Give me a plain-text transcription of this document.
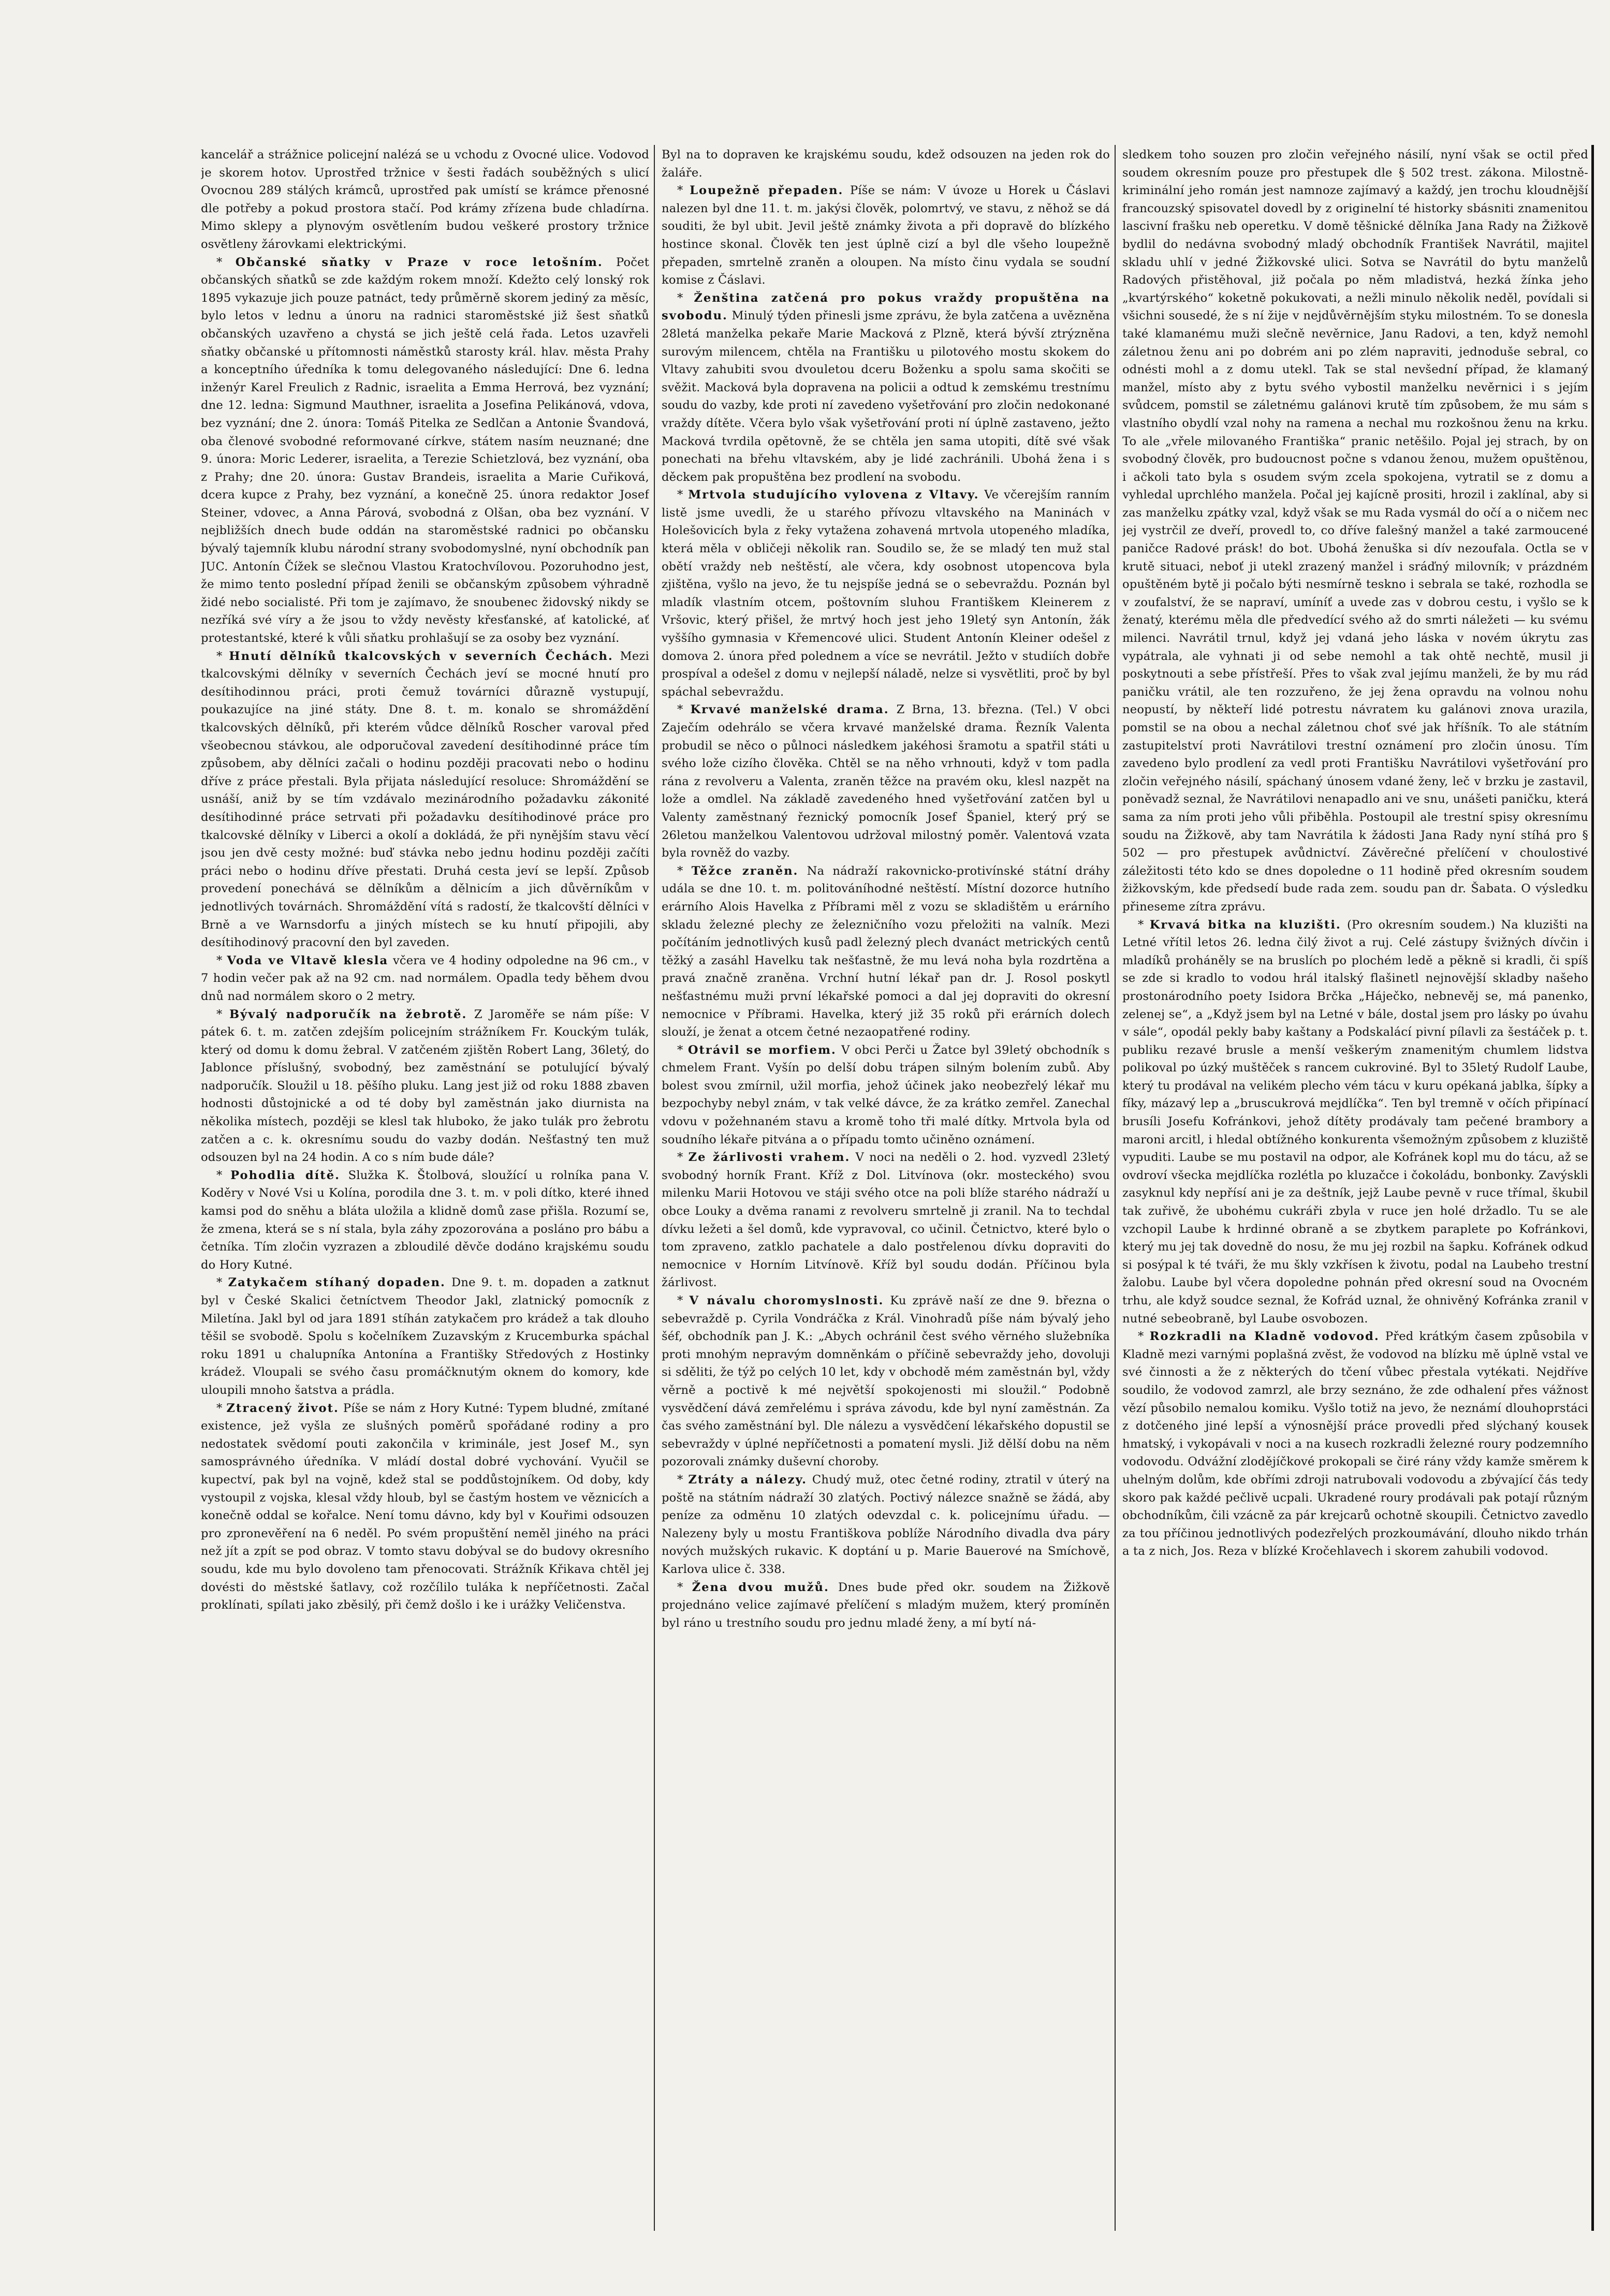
kancelář a strážnice policejní nalézá se u vchodu z Ovocné ulice. Vodovod je skorem hotov. Uprostřed tržnice v šesti řadách souběžných s ulicí Ovocnou 289 stálých krámců, uprostřed pak umístí se krámce přenosné dle potřeby a pokud prostora stačí. Pod krámy zřízena bude chladírna. Mimo sklepy a plynovým osvětlením budou veškeré prostory tržnice osvětleny žárovkami elektrickými.

* Občanské sňatky v Praze v roce letošním. Počet občanských sňatků se zde každým rokem množí. Kdežto celý lonský rok 1895 vykazuje jich pouze patnáct, tedy průměrně skorem jediný za měsíc, bylo letos v lednu a únoru na radnici staroměstské již šest sňatků občanských uzavřeno a chystá se jich ještě celá řada. Letos uzavřeli sňatky občanské u přítomnosti náměstků starosty král. hlav. města Prahy a konceptního úředníka k tomu delegovaného následující: Dne 6. ledna inženýr Karel Freulich z Radnic, israelita a Emma Herrová, bez vyznání; dne 12. ledna: Sigmund Mauthner, israelita a Josefina Pelikánová, vdova, bez vyznání; dne 2. února: Tomáš Pitelka ze Sedlčan a Antonie Švandová, oba členové svobodné reformované církve, státem nasím neuznané; dne 9. února: Moric Lederer, israelita, a Terezie Schietzlová, bez vyznání, oba z Prahy; dne 20. února: Gustav Brandeis, israelita a Marie Cuřiková, dcera kupce z Prahy, bez vyznání, a konečně 25. února redaktor Josef Steiner, vdovec, a Anna Párová, svobodná z Olšan, oba bez vyznání. V nejbližších dnech bude oddán na staroměstské radnici po občansku bývalý tajemník klubu národní strany svobodomyslné, nyní obchodník pan JUC. Antonín Čížek se slečnou Vlastou Kratochvílovou. Pozoruhodno jest, že mimo tento poslední případ ženili se občanským způsobem výhradně židé nebo socialisté. Při tom je zajímavo, že snoubenec židovský nikdy se nezříká své víry a že jsou to vždy nevěsty křesťanské, ať katolické, ať protestantské, které k vůli sňatku prohlašují se za osoby bez vyznání.

* Hnutí dělníků tkalcovských v severních Čechách. Mezi tkalcovskými dělníky v severních Čechách jeví se mocné hnutí pro desítihodinnou práci, proti čemuž továrníci důrazně vystupují, poukazujíce na jiné státy. Dne 8. t. m. konalo se shromáždění tkalcovských dělníků, při kterém vůdce dělníků Roscher varoval před všeobecnou stávkou, ale odporučoval zavedení desítihodinné práce tím způsobem, aby dělníci začali o hodinu později pracovati nebo o hodinu dříve z práce přestali. Byla přijata následující resoluce: Shromáždění se usnáší, aniž by se tím vzdávalo mezinárodního požadavku zákonité desítihodinné práce setrvati při požadavku desítihodinové práce pro tkalcovské dělníky v Liberci a okolí a dokládá, že při nynějším stavu věcí jsou jen dvě cesty možné: buď stávka nebo jednu hodinu později začíti práci nebo o hodinu dříve přestati. Druhá cesta jeví se lepší. Způsob provedení ponechává se dělníkům a dělnicím a jich důvěrníkům v jednotlivých továrnách. Shromáždění vítá s radostí, že tkalcovští dělníci v Brně a ve Warnsdorfu a jiných místech se ku hnutí připojili, aby desítihodinový pracovní den byl zaveden.

* Voda ve Vltavě klesla včera ve 4 hodiny odpoledne na 96 cm., v 7 hodin večer pak až na 92 cm. nad normálem. Opadla tedy během dvou dnů nad normálem skoro o 2 metry.

* Bývalý nadporučík na žebrotě. Z Jaroměře se nám píše: V pátek 6. t. m. zatčen zdejším policejním strážníkem Fr. Kouckým tulák, který od domu k domu žebral. V zatčeném zjištěn Robert Lang, 36letý, do Jablonce příslušný, svobodný, bez zaměstnání se potulující bývalý nadporučík. Sloužil u 18. pěšího pluku. Lang jest již od roku 1888 zbaven hodnosti důstojnické a od té doby byl zaměstnán jako diurnista na několika místech, později se klesl tak hluboko, že jako tulák pro žebrotu zatčen a c. k. okresnímu soudu do vazby dodán. Nešťastný ten muž odsouzen byl na 24 hodin. A co s ním bude dále?

* Pohodlia dítě. Služka K. Štolbová, sloužící u rolníka pana V. Koděry v Nové Vsi u Kolína, porodila dne 3. t. m. v poli dítko, které ihned kamsi pod do sněhu a bláta uložila a klidně domů zase přišla. Rozumí se, že zmena, která se s ní stala, byla záhy zpozorována a posláno pro bábu a četníka. Tím zločin vyzrazen a zbloudilé děvče dodáno krajskému soudu do Hory Kutné.

* Zatykačem stíhaný dopaden. Dne 9. t. m. dopaden a zatknut byl v České Skalici četníctvem Theodor Jakl, zlatnický pomocník z Miletína. Jakl byl od jara 1891 stíhán zatykačem pro krádež a tak dlouho těšil se svobodě. Spolu s kočelníkem Zuzavským z Krucemburka spáchal roku 1891 u chalupníka Antonína a Františky Středových z Hostinky krádež. Vloupali se svého času promáčknutým oknem do komory, kde uloupili mnoho šatstva a prádla.

* Ztracený život. Píše se nám z Hory Kutné: Typem bludné, zmítané existence, jež vyšla ze slušných poměrů spořádané rodiny a pro nedostatek svědomí pouti zakončila v kriminále, jest Josef M., syn samosprávného úředníka. V mládí dostal dobré vychování. Vyučil se kupectví, pak byl na vojně, kdež stal se poddůstojníkem. Od doby, kdy vystoupil z vojska, klesal vždy hloub, byl se častým hostem ve věznicích a konečně oddal se kořalce. Není tomu dávno, kdy byl v Kouřimi odsouzen pro zpronevěření na 6 neděl. Po svém propuštění neměl jiného na práci než jít a zpít se pod obraz. V tomto stavu dobýval se do budovy okresního soudu, kde mu bylo dovoleno tam přenocovati. Strážník Křikava chtěl jej dovésti do městské šatlavy, což rozčílilo tuláka k nepříčetnosti. Začal proklínati, spílati jako zběsilý, při čemž došlo i ke i urážky Veličenstva.

Byl na to dopraven ke krajskému soudu, kdež odsouzen na jeden rok do žaláře.

* Loupežně přepaden. Píše se nám: V úvoze u Horek u Čáslavi nalezen byl dne 11. t. m. jakýsi člověk, polomrtvý, ve stavu, z něhož se dá souditi, že byl ubit. Jevil ještě známky života a při dopravě do blízkého hostince skonal. Člověk ten jest úplně cizí a byl dle všeho loupežně přepaden, smrtelně zraněn a oloupen. Na místo činu vydala se soudní komise z Čáslavi.

* Ženština zatčená pro pokus vraždy propuštěna na svobodu. Minulý týden přinesli jsme zprávu, že byla zatčena a uvězněna 28letá manželka pekaře Marie Macková z Plzně, která bývší ztrýzněna surovým milencem, chtěla na Františku u pilotového mostu skokem do Vltavy zahubiti svou dvouletou dceru Boženku a spolu sama skočiti se svěžit. Macková byla dopravena na policii a odtud k zemskému trestnímu soudu do vazby, kde proti ní zavedeno vyšetřování pro zločin nedokonané vraždy dítěte. Včera bylo však vyšetřování proti ní úplně zastaveno, ježto Macková tvrdila opětovně, že se chtěla jen sama utopiti, dítě své však ponechati na břehu vltavském, aby je lidé zachránili. Ubohá žena i s děckem pak propuštěna bez prodlení na svobodu.

* Mrtvola studujícího vylovena z Vltavy. Ve včerejším ranním listě jsme uvedli, že u starého přívozu vltavského na Maninách v Holešovicích byla z řeky vytažena zohavená mrtvola utopeného mladíka, která měla v obličeji několik ran. Soudilo se, že se mladý ten muž stal obětí vraždy neb neštěstí, ale včera, kdy osobnost utopencova byla zjištěna, vyšlo na jevo, že tu nejspíše jedná se o sebevraždu. Poznán byl mladík vlastním otcem, poštovním sluhou Františkem Kleinerem z Vršovic, který přišel, že mrtvý hoch jest jeho 19letý syn Antonín, žák vyššího gymnasia v Křemencové ulici. Student Antonín Kleiner odešel z domova 2. února před polednem a více se nevrátil. Ježto v studiích dobře prospíval a odešel z domu v nejlepší náladě, nelze si vysvětliti, proč by byl spáchal sebevraždu.

* Krvavé manželské drama. Z Brna, 13. března. (Tel.) V obci Zaječím odehrálo se včera krvavé manželské drama. Řezník Valenta probudil se něco o půlnoci následkem jakéhosi šramotu a spatřil státi u svého lože cizího člověka. Chtěl se na něho vrhnouti, když v tom padla rána z revolveru a Valenta, zraněn těžce na pravém oku, klesl nazpět na lože a omdlel. Na základě zavedeného hned vyšetřování zatčen byl u Valenty zaměstnaný řeznický pomocník Josef Španiel, který prý se 26letou manželkou Valentovou udržoval milostný poměr. Valentová vzata byla rovněž do vazby.

* Těžce zraněn. Na nádraží rakovnicko-protivínské státní dráhy udála se dne 10. t. m. politováníhodné neštěstí. Místní dozorce hutního erárního Alois Havelka z Příbrami měl z vozu se skladištěm u erárního skladu železné plechy ze železničního vozu přeložiti na valník. Mezi počítáním jednotlivých kusů padl železný plech dvanáct metrických centů těžký a zasáhl Havelku tak nešťastně, že mu levá noha byla rozdrtěna a pravá značně zraněna. Vrchní hutní lékař pan dr. J. Rosol poskytl nešťastnému muži první lékařské pomoci a dal jej dopraviti do okresní nemocnice v Příbrami. Havelka, který již 35 roků při erárních dolech slouží, je ženat a otcem četné nezaopatřené rodiny.

* Otrávil se morfiem. V obci Perči u Žatce byl 39letý obchodník s chmelem Frant. Vyšín po delší dobu trápen silným bolením zubů. Aby bolest svou zmírnil, užil morfia, jehož účinek jako neobezřelý lékař mu bezpochyby nebyl znám, v tak velké dávce, že za krátko zemřel. Zanechal vdovu v požehnaném stavu a kromě toho tři malé dítky. Mrtvola byla od soudního lékaře pitvána a o případu tomto učiněno oznámení.

* Ze žárlivosti vrahem. V noci na neděli o 2. hod. vyzvedl 23letý svobodný horník Frant. Kříž z Dol. Litvínova (okr. mosteckého) svou milenku Marii Hotovou ve stáji svého otce na poli blíže starého nádraží u obce Louky a dvěma ranami z revolveru smrtelně ji zranil. Na to techdal dívku ležeti a šel domů, kde vypravoval, co učinil. Četnictvo, které bylo o tom zpraveno, zatklo pachatele a dalo postřelenou dívku dopraviti do nemocnice v Horním Litvínově. Kříž byl soudu dodán. Příčinou byla žárlivost.

* V návalu choromyslnosti. Ku zprávě naší ze dne 9. března o sebevraždě p. Cyrila Vondráčka z Král. Vinohradů píše nám bývalý jeho šéf, obchodník pan J. K.: „Abych ochránil čest svého věrného služebníka proti mnohým nepravým domněnkám o příčině sebevraždy jeho, dovoluji si sděliti, že týž po celých 10 let, kdy v obchodě mém zaměstnán byl, vždy věrně a poctivě k mé největší spokojenosti mi sloužil.“ Podobně vysvědčení dává zemřelému i správa závodu, kde byl nyní zaměstnán. Za čas svého zaměstnání byl. Dle nálezu a vysvědčení lékařského dopustil se sebevraždy v úplné nepříčetnosti a pomatení mysli. Již dělší dobu na něm pozorovali známky duševní choroby.

* Ztráty a nálezy. Chudý muž, otec četné rodiny, ztratil v úterý na poště na státním nádraží 30 zlatých. Poctivý nálezce snažně se žádá, aby peníze za odměnu 10 zlatých odevzdal c. k. policejnímu úřadu. — Nalezeny byly u mostu Františkova poblíže Národního divadla dva páry nových mužských rukavic. K doptání u p. Marie Bauerové na Smíchově, Karlova ulice č. 338.

* Žena dvou mužů. Dnes bude před okr. soudem na Žižkově projednáno velice zajímavé přelíčení s mladým mužem, který promíněn byl ráno u trestního soudu pro jednu mladé ženy, a mí bytí ná-

sledkem toho souzen pro zločin veřejného násilí, nyní však se octil před soudem okresním pouze pro přestupek dle § 502 trest. zákona. Milostně-kriminální jeho román jest namnoze zajímavý a každý, jen trochu kloudnější francouzský spisovatel dovedl by z originelní té historky sbásniti znamenitou lascivní frašku neb operetku. V domě těšnické dělníka Jana Rady na Žižkově bydlil do nedávna svobodný mladý obchodník František Navrátil, majitel skladu uhlí v jedné Žižkovské ulici. Sotva se Navrátil do bytu manželů Radových přistěhoval, již počala po něm mladistvá, hezká žínka jeho „kvartýrského“ koketně pokukovati, a nežli minulo několik neděl, povídali si všichni sousedé, že s ní žije v nejdůvěrnějším styku milostném. To se donesla také klamanému muži slečně nevěrnice, Janu Radovi, a ten, když nemohl záletnou ženu ani po dobrém ani po zlém napraviti, jednoduše sebral, co odnésti mohl a z domu utekl. Tak se stal nevšední případ, že klamaný manžel, místo aby z bytu svého vybostil manželku nevěrnici i s jejím svůdcem, pomstil se záletnému galánovi krutě tím způsobem, že mu sám s vlastního obydlí vzal nohy na ramena a nechal mu rozkošnou ženu na krku. To ale „vřele milovaného Františka“ pranic netěšilo. Pojal jej strach, by on svobodný člověk, pro budoucnost počne s vdanou ženou, mužem opuštěnou, i ačkoli tato byla s osudem svým zcela spokojena, vytratil se z domu a vyhledal uprchlého manžela. Počal jej kajícně prositi, hrozil i zaklínal, aby si zas manželku zpátky vzal, když však se mu Rada vysmál do očí a o ničem nec jej vystrčil ze dveří, provedl to, co dříve falešný manžel a také zarmoucené paničce Radové prásk! do bot. Ubohá ženuška si dív nezoufala. Octla se v krutě situaci, neboť ji utekl zrazený manžel i sráďný milovník; v prázdném opuštěném bytě ji počalo býti nesmírně teskno i sebrala se také, rozhodla se v zoufalství, že se napraví, umíníť a uvede zas v dobrou cestu, i vyšlo se k ženatý, kterému měla dle předvedící svého až do smrti náležeti — ku svému milenci. Navrátil trnul, když jej vdaná jeho láska v novém úkrytu zas vypátrala, ale vyhnati ji od sebe nemohl a tak ohtě nechtě, musil ji poskytnouti a sebe přístřeší. Přes to však zval jejímu manželi, že by mu rád paničku vrátil, ale ten rozzuřeno, že jej žena opravdu na volnou nohu neopustí, by někteří lidé potrestu návratem ku galánovi znova urazila, pomstil se na obou a nechal záletnou choť své jak hříšník. To ale státním zastupitelství proti Navrátilovi trestní oznámení pro zločin únosu. Tím zavedeno bylo prodlení za vedl proti Františku Navrátilovi vyšetřování pro zločin veřejného násilí, spáchaný únosem vdané ženy, leč v brzku je zastavil, poněvadž seznal, že Navrátilovi nenapadlo ani ve snu, unášeti paničku, která sama za ním proti jeho vůli přiběhla. Postoupil ale trestní spisy okresnímu soudu na Žižkově, aby tam Navrátila k žádosti Jana Rady nyní stíhá pro § 502 — pro přestupek avůdnictví. Závěrečné přelíčení v choulostivé záležitosti této kdo se dnes dopoledne o 11 hodině před okresním soudem žižkovským, kde předsedí bude rada zem. soudu pan dr. Šabata. O výsledku přineseme zítra zprávu.

* Krvavá bitka na kluzišti. (Pro okresním soudem.) Na kluzišti na Letné vřítil letos 26. ledna čilý život a ruj. Celé zástupy švižných dívčin i mladíků proháněly se na bruslích po plochém ledě a pěkně si kradli, či spíš se zde si kradlo to vodou hrál italský flašinetl nejnovější skladby našeho prostonárodního poety Isidora Brčka „Háječko, nebnevěj se, má panenko, zelenej se“, a „Když jsem byl na Letné v bále, dostal jsem pro lásky po úvahu v sále“, opodál pekly baby kaštany a Podskalácí pivní pílavli za šestáček p. t. publiku rezavé brusle a menší veškerým znamenitým chumlem lidstva polikoval po úzký muštěček s rancem cukroviné. Byl to 35letý Rudolf Laube, který tu prodával na velikém plecho vém tácu v kuru opékaná jablka, šípky a fíky, mázavý lep a „bruscukrová mejdlíčka“. Ten byl tremně v očích připínací brusíli Josefu Kofránkovi, jehož dítěty prodávaly tam pečené brambory a maroni arcitl, i hledal obtížného konkurenta všemožným způsobem z kluziště vypuditi. Laube se mu postavil na odpor, ale Kofránek kopl mu do tácu, až se ovdroví všecka mejdlíčka rozlétla po kluzačce i čokoládu, bonbonky. Zavýskli zasyknul kdy nepřísí ani je za deštník, jejž Laube pevně v ruce třímal, škubil tak zuřivě, že ubohému cukráři zbyla v ruce jen holé držadlo. Tu se ale vzchopil Laube k hrdinné obraně a se zbytkem paraplete po Kofránkovi, který mu jej tak dovedně do nosu, že mu jej rozbil na šapku. Kofránek odkud si posýpal k té tváři, že mu škly vzkřísen k životu, podal na Laubeho trestní žalobu. Laube byl včera dopoledne pohnán před okresní soud na Ovocném trhu, ale když soudce seznal, že Kofrád uznal, že ohnivěný Kofránka zranil v nutné sebeobraně, byl Laube osvobozen.

* Rozkradli na Kladně vodovod. Před krátkým časem způsobila v Kladně mezi varnými poplašná zvěst, že vodovod na blízku mě úplně vstal ve své činnosti a že z některých do tčení vůbec přestala vytékati. Nejdříve soudilo, že vodovod zamrzl, ale brzy seznáno, že zde odhalení přes vážnost vězí působilo nemalou komiku. Vyšlo totiž na jevo, že neznámí dlouhoprstáci z dotčeného jiné lepší a výnosnější práce provedli před slýchaný kousek hmatský, i vykopávali v noci a na kusech rozkradli železné roury podzemního vodovodu. Odvážní zlodějíčkové prokopali se čiré rány vždy kamže směrem k uhelným dolům, kde obřími zdroji natrubovali vodovodu a zbývající čás tedy skoro pak každé pečlivě ucpali. Ukradené roury prodávali pak potají různým obchodníkům, čili vzácně za pár krejcarů ochotně skoupili. Četnictvo zavedlo za tou příčinou jednotlivých podezřelých prozkoumávání, dlouho nikdo trhán a ta z nich, Jos. Reza v blízké Kročehlavech i skorem zahubili vodovod.
